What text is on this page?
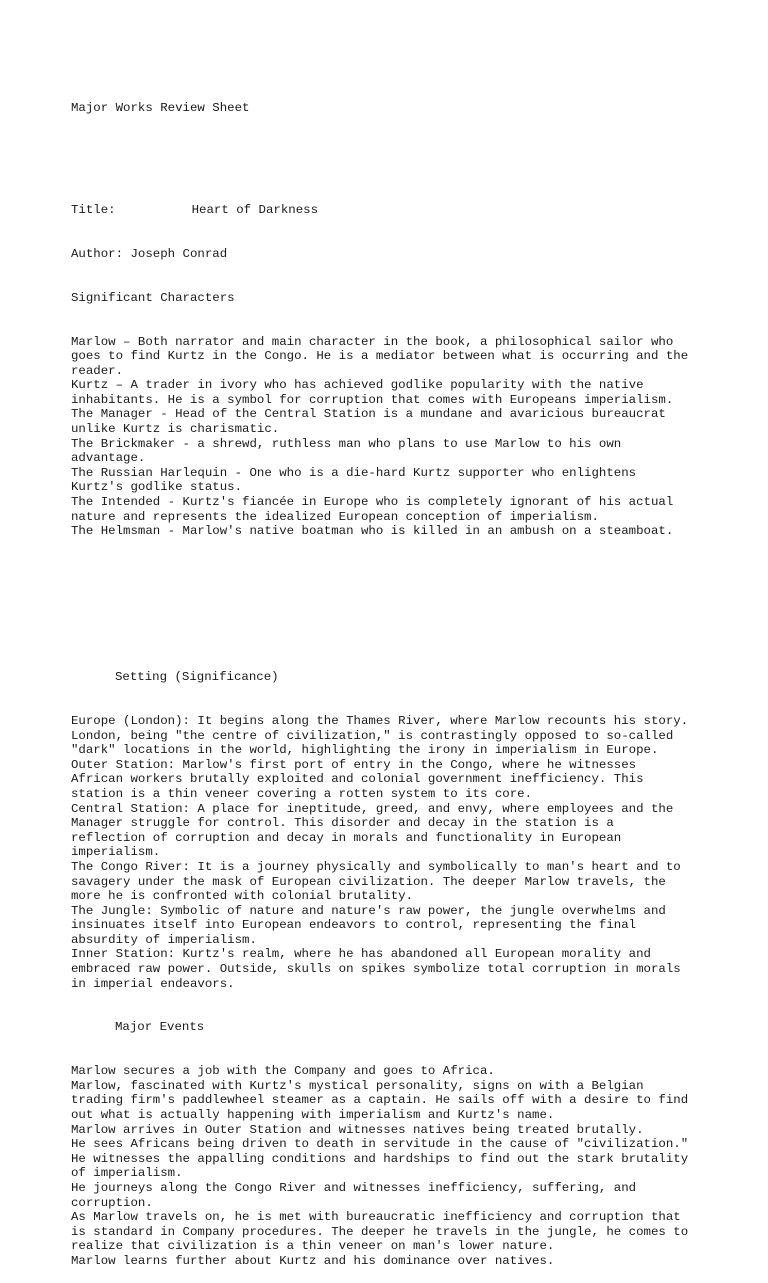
Major Works Review Sheet

Title:	Heart of Darkness

Author: Joseph Conrad

Significant Characters

Marlow – Both narrator and main character in the book, a philosophical sailor who
goes to find Kurtz in the Congo. He is a mediator between what is occurring and the
reader.
Kurtz – A trader in ivory who has achieved godlike popularity with the native
inhabitants. He is a symbol for corruption that comes with Europeans imperialism.
The Manager - Head of the Central Station is a mundane and avaricious bureaucrat
unlike Kurtz is charismatic.
The Brickmaker - a shrewd, ruthless man who plans to use Marlow to his own
advantage.
The Russian Harlequin - One who is a die-hard Kurtz supporter who enlightens
Kurtz's godlike status.
The Intended - Kurtz's fiancée in Europe who is completely ignorant of his actual
nature and represents the idealized European conception of imperialism.
The Helmsman - Marlow's native boatman who is killed in an ambush on a steamboat.

Setting (Significance)

Europe (London): It begins along the Thames River, where Marlow recounts his story.
London, being "the centre of civilization," is contrastingly opposed to so-called
"dark" locations in the world, highlighting the irony in imperialism in Europe.
Outer Station: Marlow's first port of entry in the Congo, where he witnesses
African workers brutally exploited and colonial government inefficiency. This
station is a thin veneer covering a rotten system to its core.
Central Station: A place for ineptitude, greed, and envy, where employees and the
Manager struggle for control. This disorder and decay in the station is a
reflection of corruption and decay in morals and functionality in European
imperialism.
The Congo River: It is a journey physically and symbolically to man's heart and to
savagery under the mask of European civilization. The deeper Marlow travels, the
more he is confronted with colonial brutality.
The Jungle: Symbolic of nature and nature's raw power, the jungle overwhelms and
insinuates itself into European endeavors to control, representing the final
absurdity of imperialism.
Inner Station: Kurtz's realm, where he has abandoned all European morality and
embraced raw power. Outside, skulls on spikes symbolize total corruption in morals
in imperial endeavors.

Major Events

Marlow secures a job with the Company and goes to Africa.
Marlow, fascinated with Kurtz's mystical personality, signs on with a Belgian
trading firm's paddlewheel steamer as a captain. He sails off with a desire to find
out what is actually happening with imperialism and Kurtz's name.
Marlow arrives in Outer Station and witnesses natives being treated brutally.
He sees Africans being driven to death in servitude in the cause of "civilization."
He witnesses the appalling conditions and hardships to find out the stark brutality
of imperialism.
He journeys along the Congo River and witnesses inefficiency, suffering, and
corruption.
As Marlow travels on, he is met with bureaucratic inefficiency and corruption that
is standard in Company procedures. The deeper he travels in the jungle, he comes to
realize that civilization is a thin veneer on man's lower nature.
Marlow learns further about Kurtz and his dominance over natives.
